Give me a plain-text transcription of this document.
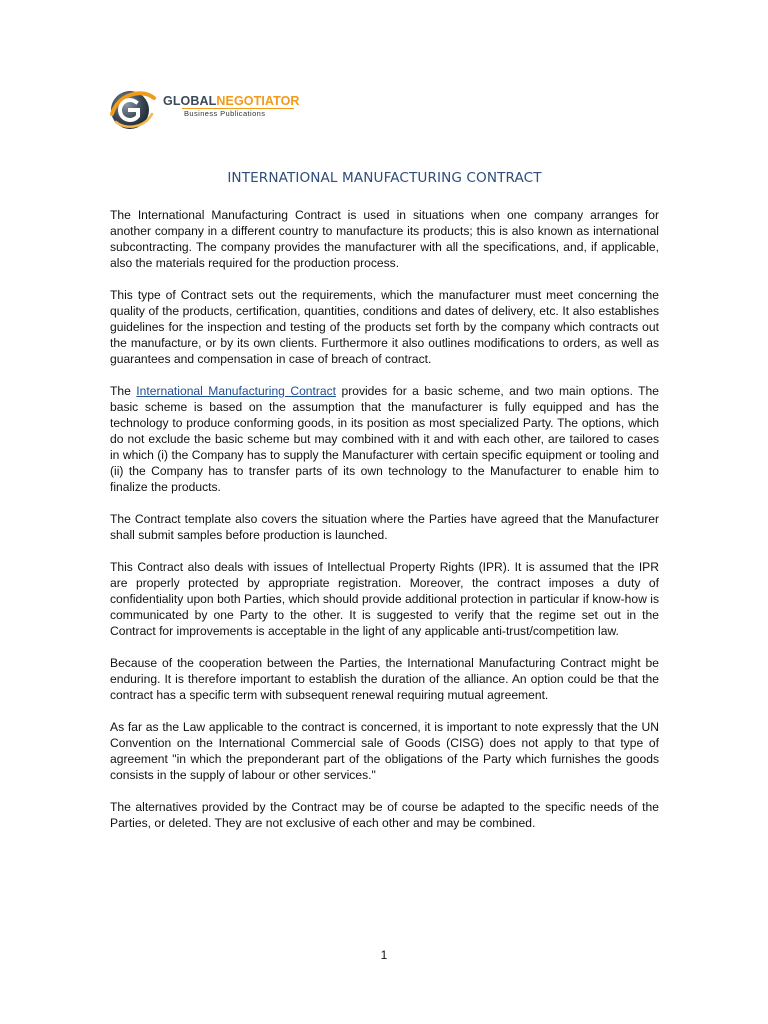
GLOBALNEGOTIATOR
Business Publications
INTERNATIONAL MANUFACTURING CONTRACT

The International Manufacturing Contract is used in situations when one company arranges for another company in a different country to manufacture its products; this is also known as international subcontracting. The company provides the manufacturer with all the specifications, and, if applicable, also the materials required for the production process.

This type of Contract sets out the requirements, which the manufacturer must meet concerning the quality of the products, certification, quantities, conditions and dates of delivery, etc. It also establishes guidelines for the inspection and testing of the products set forth by the company which contracts out the manufacture, or by its own clients. Furthermore it also outlines modifications to orders, as well as guarantees and compensation in case of breach of contract.

The International Manufacturing Contract provides for a basic scheme, and two main options. The basic scheme is based on the assumption that the manufacturer is fully equipped and has the technology to produce conforming goods, in its position as most specialized Party. The options, which do not exclude the basic scheme but may combined with it and with each other, are tailored to cases in which (i) the Company has to supply the Manufacturer with certain specific equipment or tooling and (ii) the Company has to transfer parts of its own technology to the Manufacturer to enable him to finalize the products.

The Contract template also covers the situation where the Parties have agreed that the Manufacturer shall submit samples before production is launched.

This Contract also deals with issues of Intellectual Property Rights (IPR). It is assumed that the IPR are properly protected by appropriate registration. Moreover, the contract imposes a duty of confidentiality upon both Parties, which should provide additional protection in particular if know-how is communicated by one Party to the other. It is suggested to verify that the regime set out in the Contract for improvements is acceptable in the light of any applicable anti-trust/competition law.

Because of the cooperation between the Parties, the International Manufacturing Contract might be enduring. It is therefore important to establish the duration of the alliance. An option could be that the contract has a specific term with subsequent renewal requiring mutual agreement.

As far as the Law applicable to the contract is concerned, it is important to note expressly that the UN Convention on the International Commercial sale of Goods (CISG) does not apply to that type of agreement "in which the preponderant part of the obligations of the Party which furnishes the goods consists in the supply of labour or other services."

The alternatives provided by the Contract may be of course be adapted to the specific needs of the Parties, or deleted. They are not exclusive of each other and may be combined.

1
